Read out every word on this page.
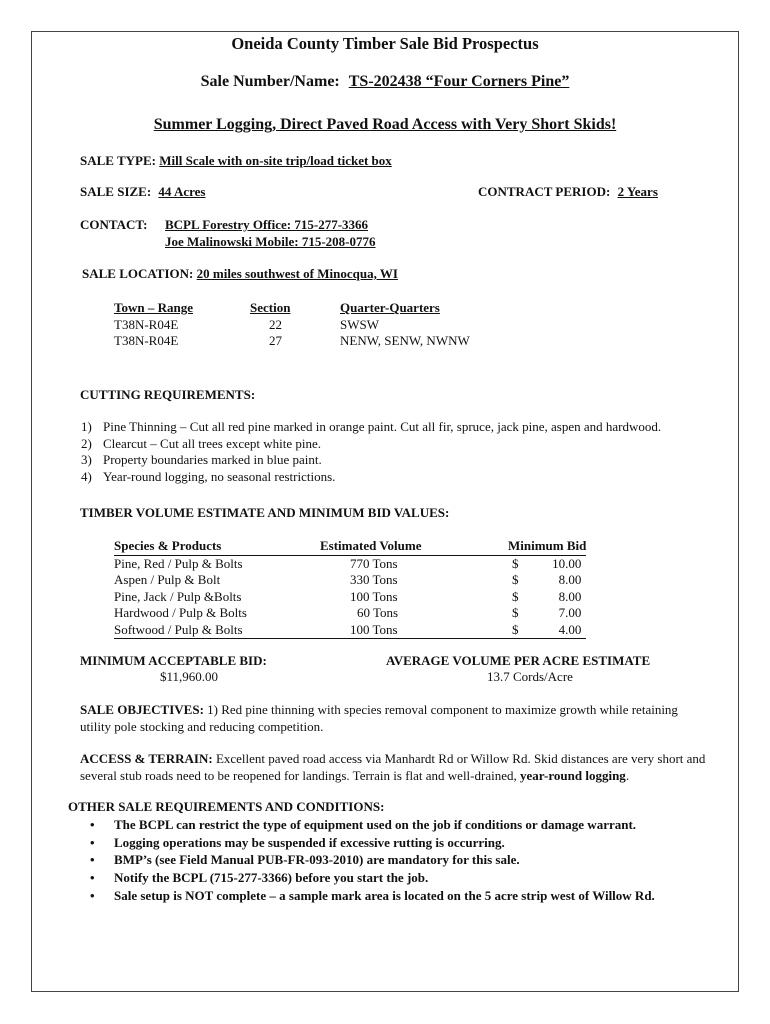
Oneida County Timber Sale Bid Prospectus
Sale Number/Name: TS-202438 “Four Corners Pine”
Summer Logging, Direct Paved Road Access with Very Short Skids!
SALE TYPE: Mill Scale with on-site trip/load ticket box
SALE SIZE: 44 Acres	CONTRACT PERIOD: 2 Years
CONTACT: BCPL Forestry Office: 715-277-3366
Joe Malinowski Mobile: 715-208-0776
SALE LOCATION: 20 miles southwest of Minocqua, WI
Town – Range	Section	Quarter-Quarters
T38N-R04E	22	SWSW
T38N-R04E	27	NENW, SENW, NWNW
CUTTING REQUIREMENTS:
1) Pine Thinning – Cut all red pine marked in orange paint. Cut all fir, spruce, jack pine, aspen and hardwood.
2) Clearcut – Cut all trees except white pine.
3) Property boundaries marked in blue paint.
4) Year-round logging, no seasonal restrictions.
TIMBER VOLUME ESTIMATE AND MINIMUM BID VALUES:
Species & Products	Estimated Volume	Minimum Bid	
Pine, Red / Pulp & Bolts	770 Tons	$	10.00
Aspen / Pulp & Bolt	330 Tons	$	8.00
Pine, Jack / Pulp &Bolts	100 Tons	$	8.00
Hardwood / Pulp & Bolts	60 Tons	$	7.00
Softwood / Pulp & Bolts	100 Tons	$	4.00
MINIMUM ACCEPTABLE BID:
$11,960.00
AVERAGE VOLUME PER ACRE ESTIMATE
13.7 Cords/Acre
SALE OBJECTIVES: 1) Red pine thinning with species removal component to maximize growth while retaining utility pole stocking and reducing competition.
ACCESS & TERRAIN: Excellent paved road access via Manhardt Rd or Willow Rd. Skid distances are very short and several stub roads need to be reopened for landings. Terrain is flat and well-drained, year-round logging.
OTHER SALE REQUIREMENTS AND CONDITIONS:
• The BCPL can restrict the type of equipment used on the job if conditions or damage warrant.
• Logging operations may be suspended if excessive rutting is occurring.
• BMP’s (see Field Manual PUB-FR-093-2010) are mandatory for this sale.
• Notify the BCPL (715-277-3366) before you start the job.
• Sale setup is NOT complete – a sample mark area is located on the 5 acre strip west of Willow Rd.
